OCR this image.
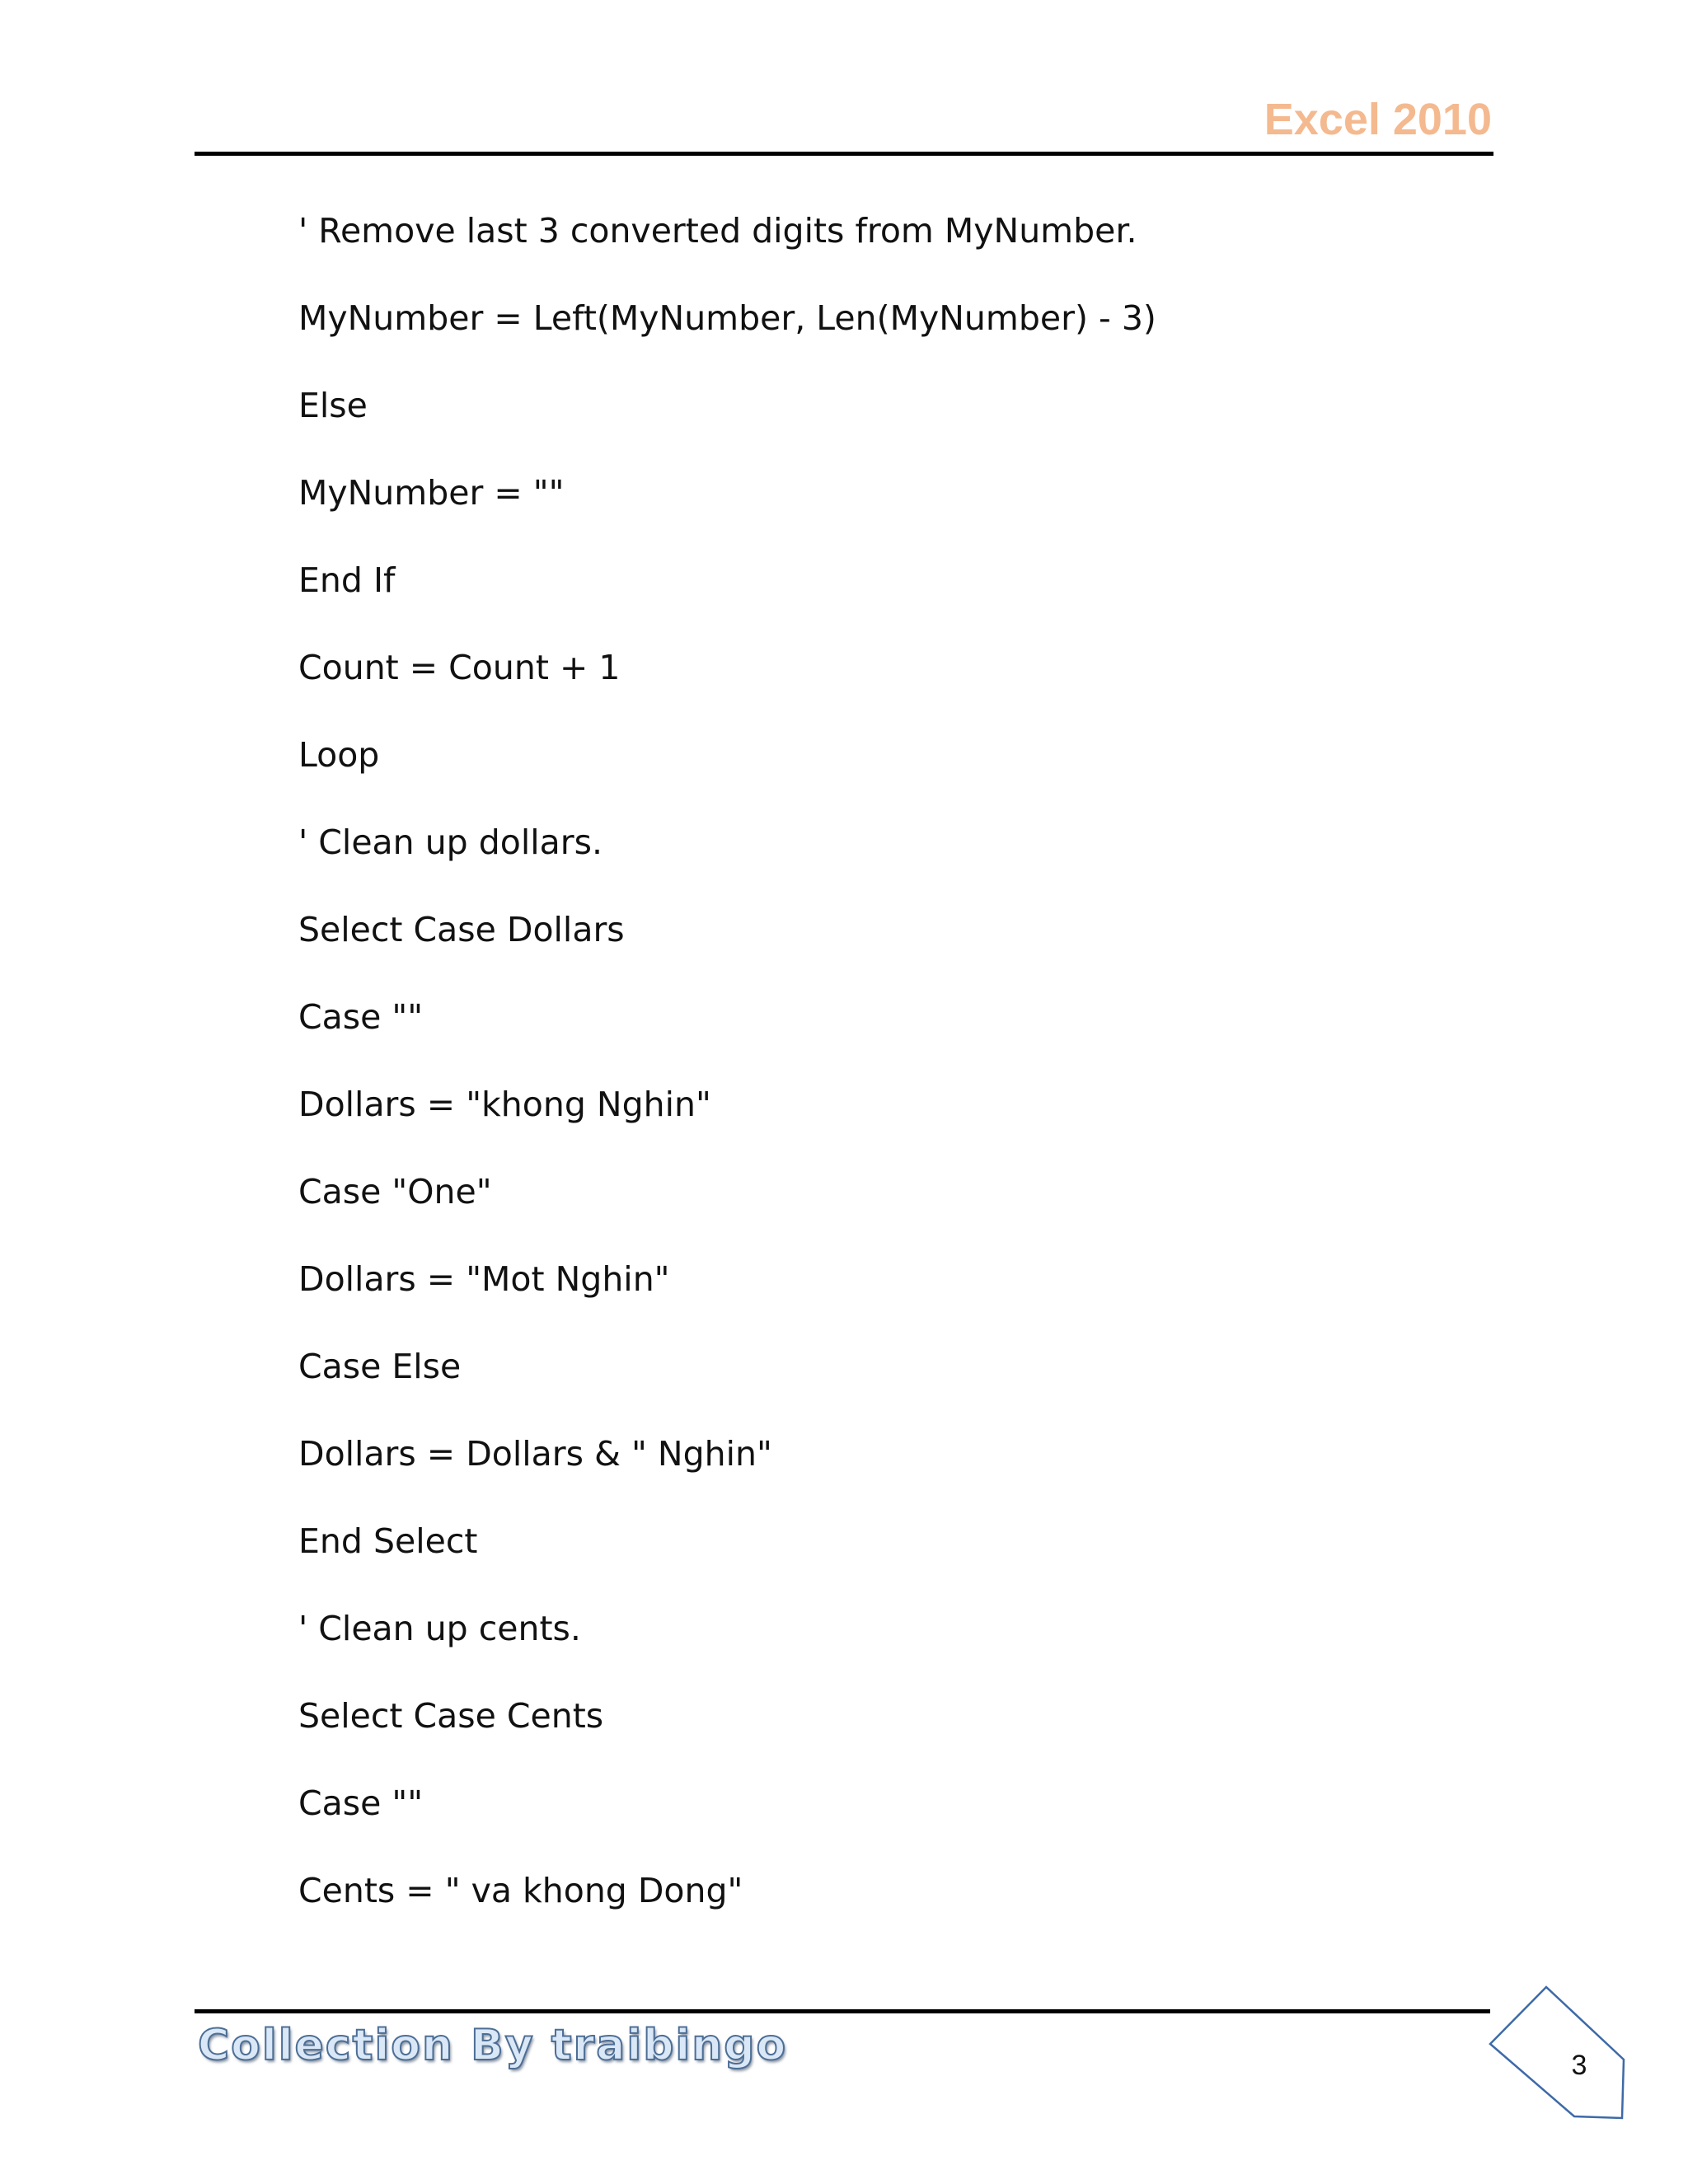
Excel 2010
' Remove last 3 converted digits from MyNumber.
MyNumber = Left(MyNumber, Len(MyNumber) - 3)
Else
MyNumber = ""
End If
Count = Count + 1
Loop
' Clean up dollars.
Select Case Dollars
Case ""
Dollars = "khong Nghin"
Case "One"
Dollars = "Mot Nghin"
Case Else
Dollars = Dollars & " Nghin"
End Select
' Clean up cents.
Select Case Cents
Case ""
Cents = " va khong Dong"
Collection By traibingo	3
